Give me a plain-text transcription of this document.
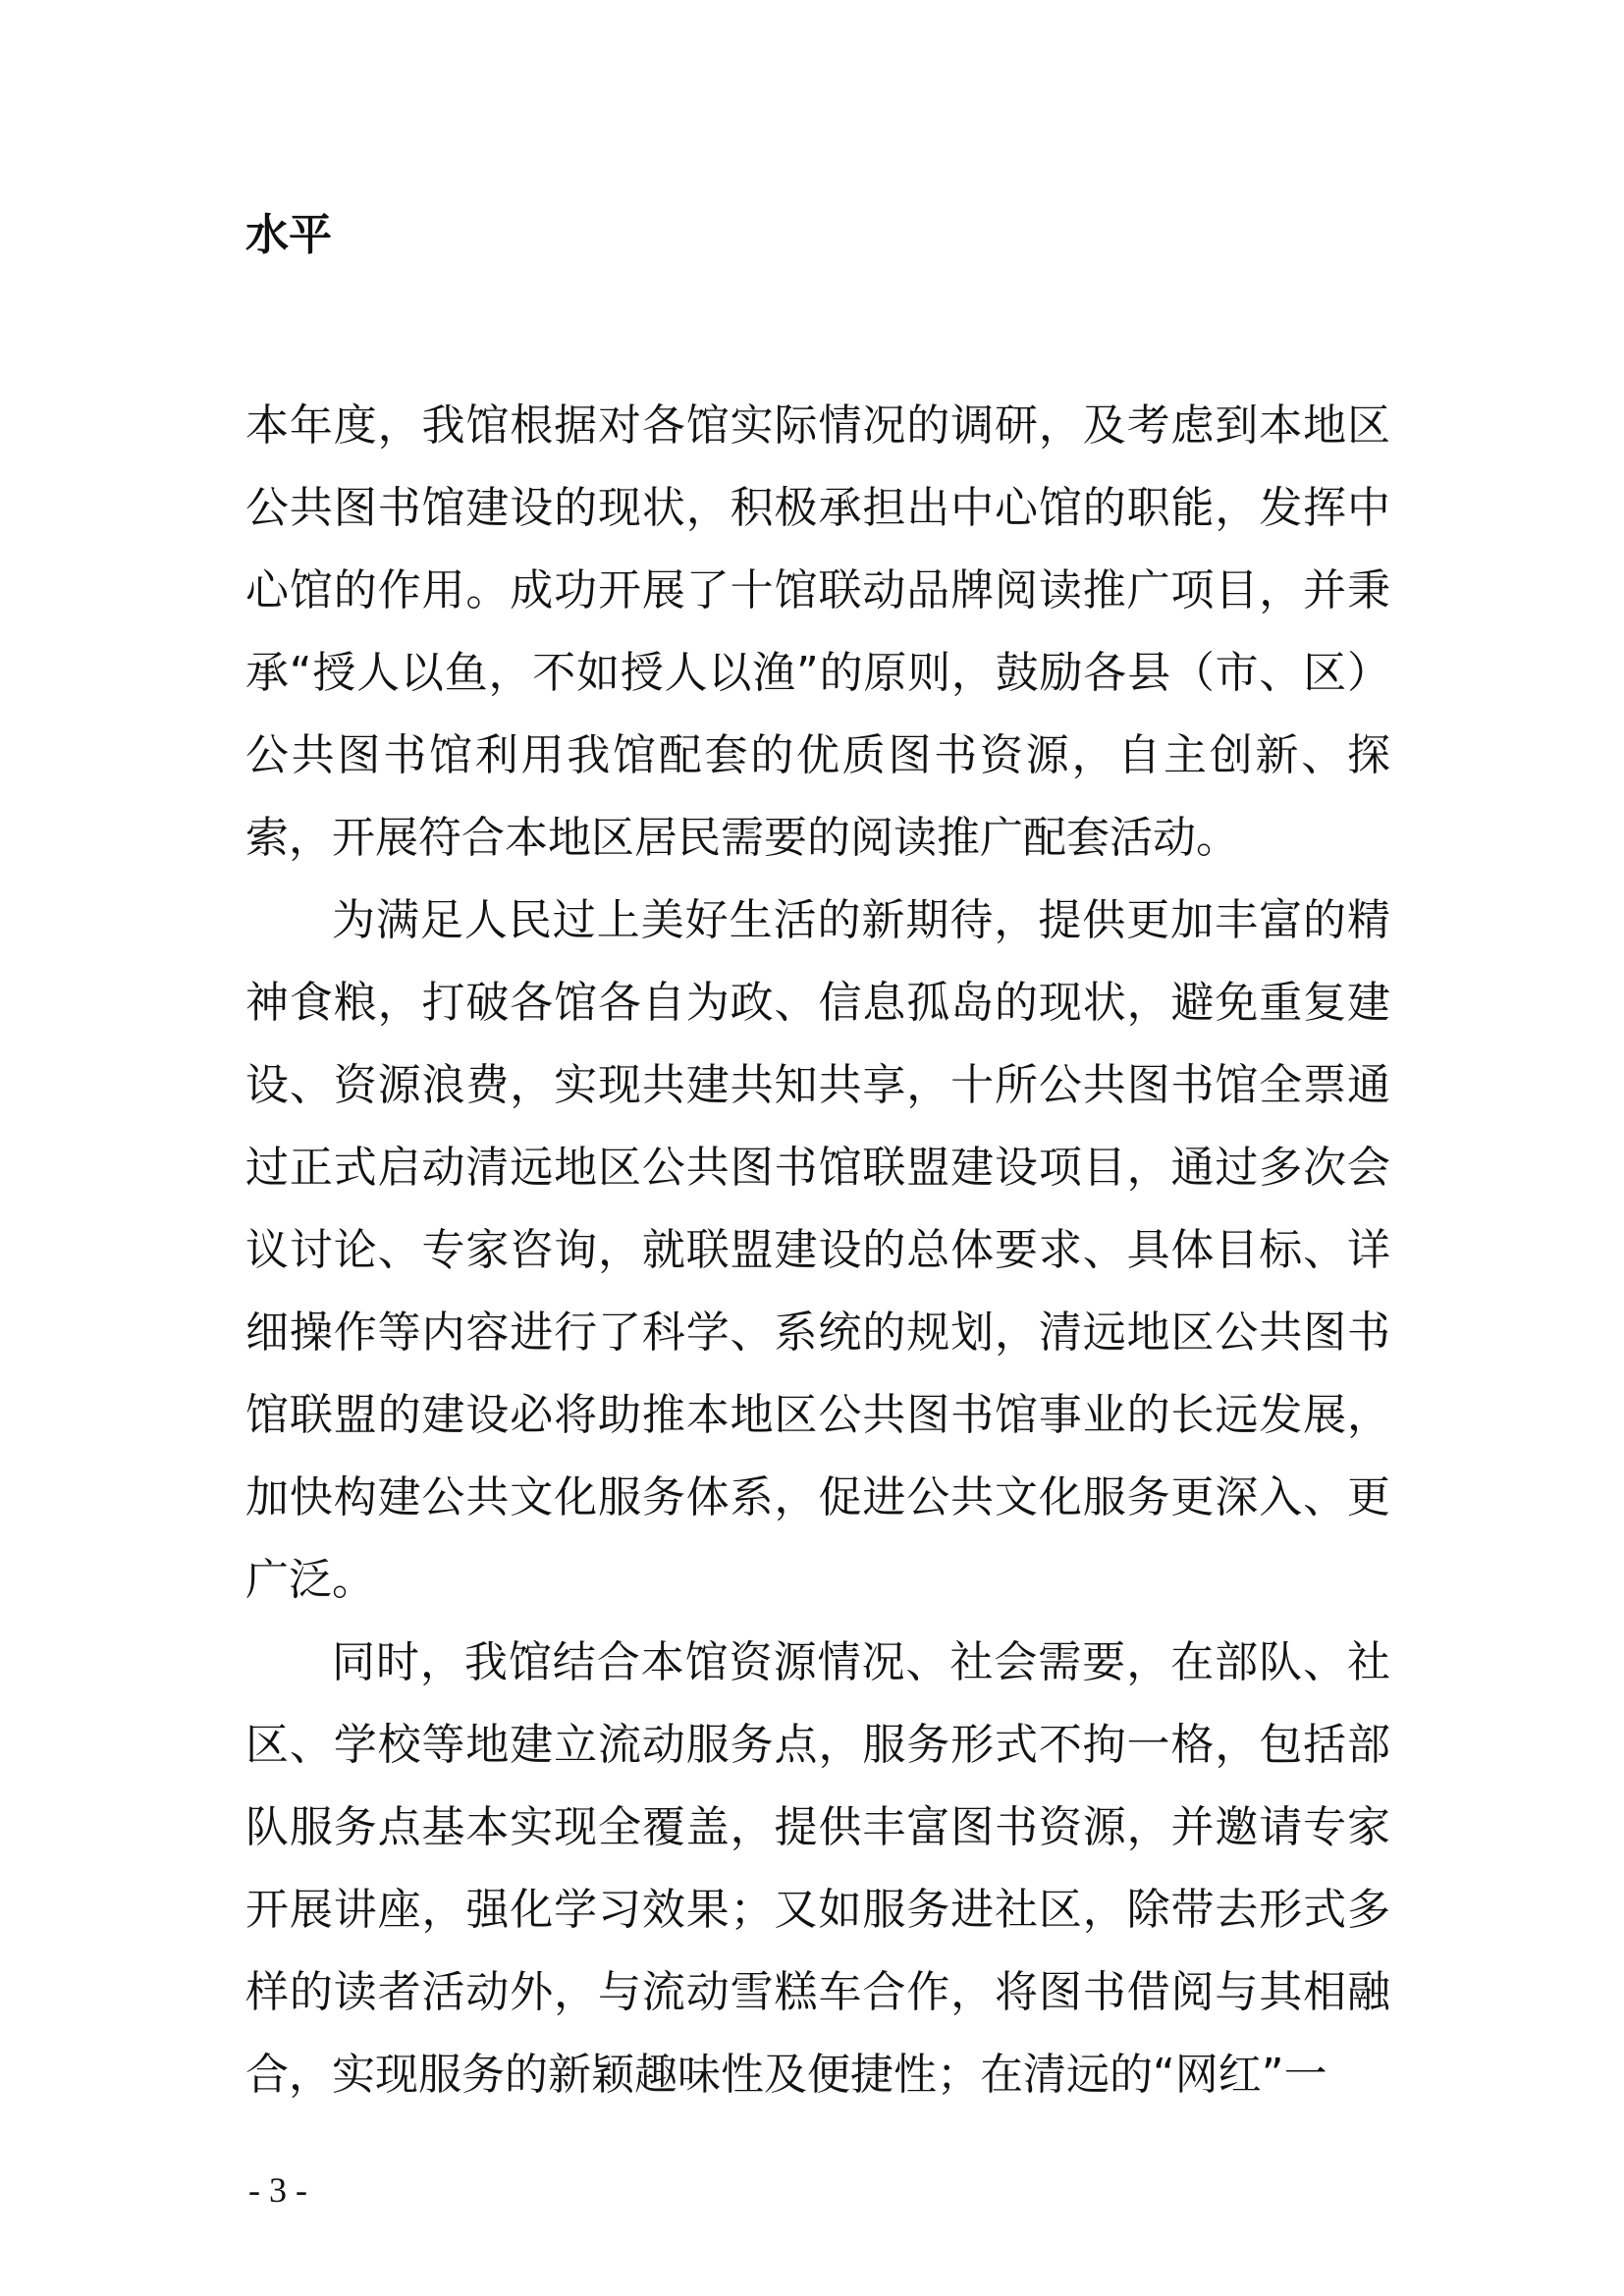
水平

本年度，我馆根据对各馆实际情况的调研，及考虑到本地区公共图书馆建设的现状，积极承担出中心馆的职能，发挥中心馆的作用。成功开展了十馆联动品牌阅读推广项目，并秉承“授人以鱼，不如授人以渔”的原则，鼓励各县（市、区）公共图书馆利用我馆配套的优质图书资源，自主创新、探索，开展符合本地区居民需要的阅读推广配套活动。

为满足人民过上美好生活的新期待，提供更加丰富的精神食粮，打破各馆各自为政、信息孤岛的现状，避免重复建设、资源浪费，实现共建共知共享，十所公共图书馆全票通过正式启动清远地区公共图书馆联盟建设项目，通过多次会议讨论、专家咨询，就联盟建设的总体要求、具体目标、详细操作等内容进行了科学、系统的规划，清远地区公共图书馆联盟的建设必将助推本地区公共图书馆事业的长远发展，加快构建公共文化服务体系，促进公共文化服务更深入、更广泛。

同时，我馆结合本馆资源情况、社会需要，在部队、社区、学校等地建立流动服务点，服务形式不拘一格，包括部队服务点基本实现全覆盖，提供丰富图书资源，并邀请专家开展讲座，强化学习效果；又如服务进社区，除带去形式多样的读者活动外，与流动雪糕车合作，将图书借阅与其相融合，实现服务的新颖趣味性及便捷性；在清远的“网红”一

- 3 -
